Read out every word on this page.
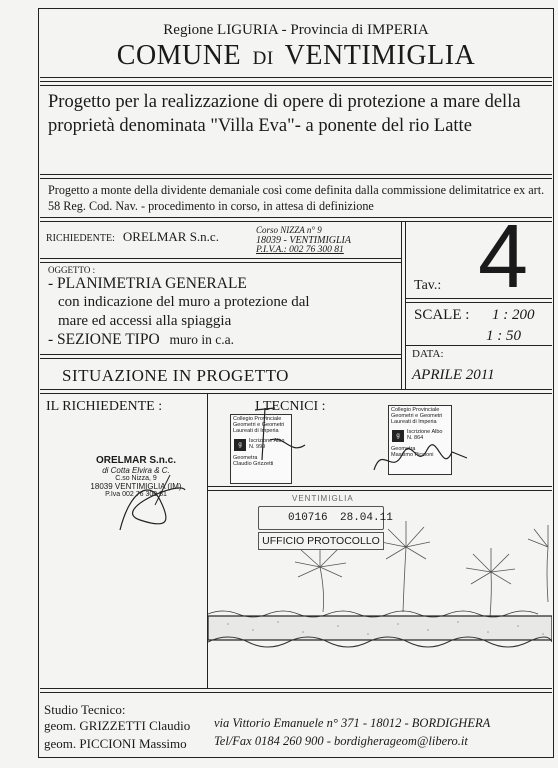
Regione LIGURIA - Provincia di IMPERIA
COMUNE DI VENTIMIGLIA
Progetto per la realizzazione di opere di protezione a mare della proprietà denominata "Villa Eva"- a ponente del rio Latte
Progetto a monte della dividente demaniale così come definita dalla commissione delimitatrice ex art. 58 Reg. Cod. Nav. - procedimento in corso, in attesa di definizione
RICHIEDENTE: ORELMAR S.n.c.	Corso NIZZA n° 9
18039 - VENTIMIGLIA
P.I.V.A.: 002 76 300 81
Tav.: 4
OGGETTO :
- PLANIMETRIA GENERALE
con indicazione del muro a protezione dal
mare ed accessi alla spiaggia
- SEZIONE TIPO muro in c.a.
SCALE : 1 : 200
1 : 50
DATA:
APRILE 2011
SITUAZIONE IN PROGETTO
IL RICHIEDENTE :	I TECNICI :
ORELMAR S.n.c.
di Cotta Elvira & C.
C.so Nizza, 9
18039 VENTIMIGLIA (IM)
P.Iva 002 76 300 81
Collegio Provinciale Geometri e Geometri Laureati di Imperia
g
Iscrizione Albo
N. 999
Geometra
Claudio Grizzetti
Collegio Provinciale Geometri e Geometri Laureati di Imperia
g
Iscrizione Albo
N. 864
Geometra
Massimo Piccioni
VENTIMIGLIA
010716 28.04.11
UFFICIO PROTOCOLLO
Studio Tecnico:
geom. GRIZZETTI Claudio
geom. PICCIONI Massimo
via Vittorio Emanuele n° 371 - 18012 - BORDIGHERA
Tel/Fax 0184 260 900 - bordigherageom@libero.it
